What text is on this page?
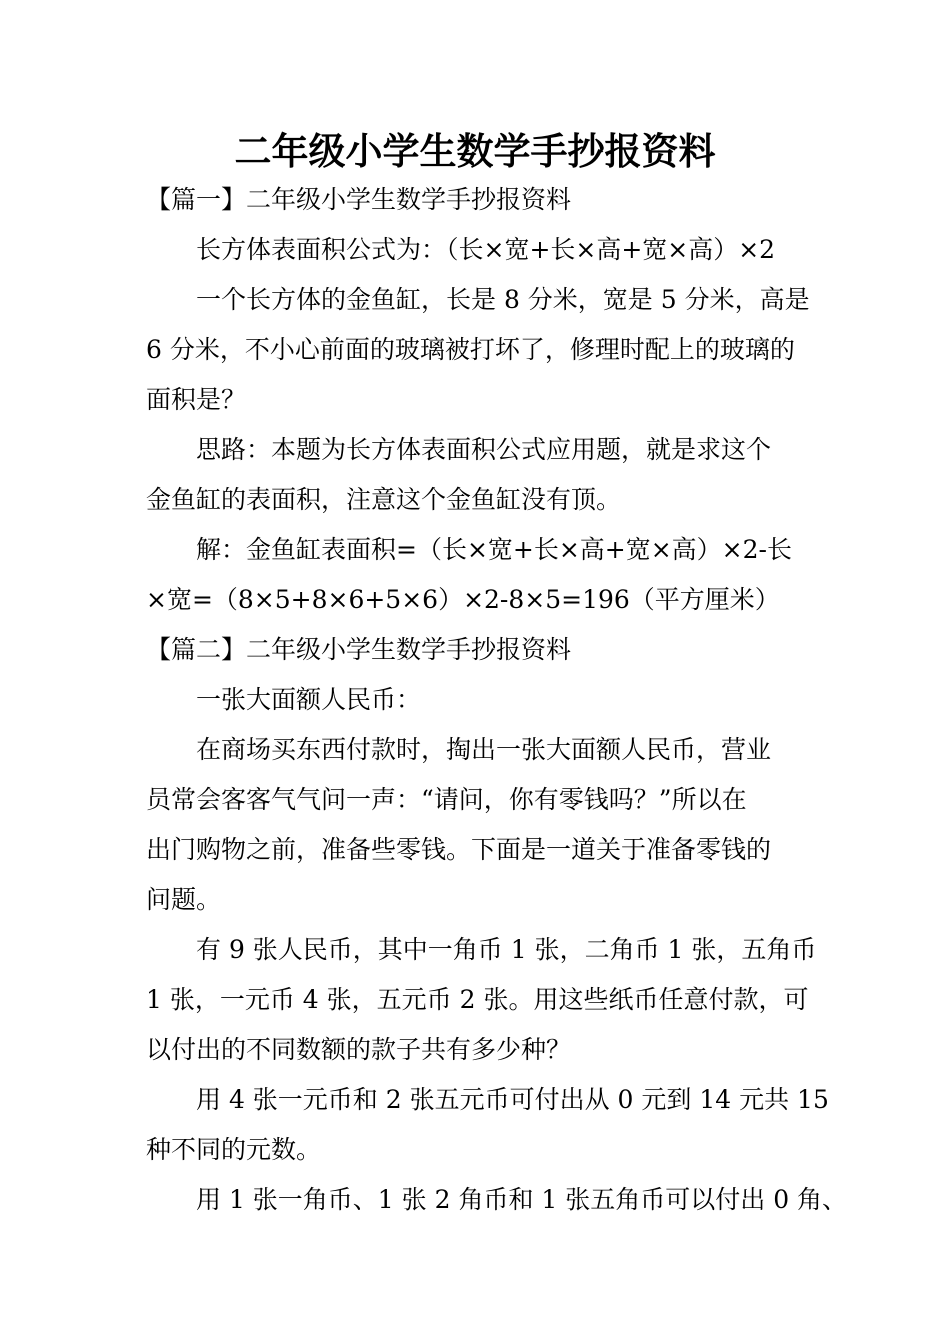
二年级小学生数学手抄报资料
【篇一】二年级小学生数学手抄报资料
长方体表面积公式为：（长×宽+长×高+宽×高）×2
一个长方体的金鱼缸，长是 8 分米，宽是 5 分米，高是
6 分米，不小心前面的玻璃被打坏了，修理时配上的玻璃的
面积是？
思路：本题为长方体表面积公式应用题，就是求这个
金鱼缸的表面积，注意这个金鱼缸没有顶。
解：金鱼缸表面积=（长×宽+长×高+宽×高）×2-长
×宽=（8×5+8×6+5×6）×2-8×5=196（平方厘米）
【篇二】二年级小学生数学手抄报资料
一张大面额人民币：
在商场买东西付款时，掏出一张大面额人民币，营业
员常会客客气气问一声：“请问，你有零钱吗？”所以在
出门购物之前，准备些零钱。下面是一道关于准备零钱的
问题。
有 9 张人民币，其中一角币 1 张，二角币 1 张，五角币
1 张，一元币 4 张，五元币 2 张。用这些纸币任意付款，可
以付出的不同数额的款子共有多少种？
用 4 张一元币和 2 张五元币可付出从 0 元到 14 元共 15
种不同的元数。
用 1 张一角币、1 张 2 角币和 1 张五角币可以付出 0 角、
